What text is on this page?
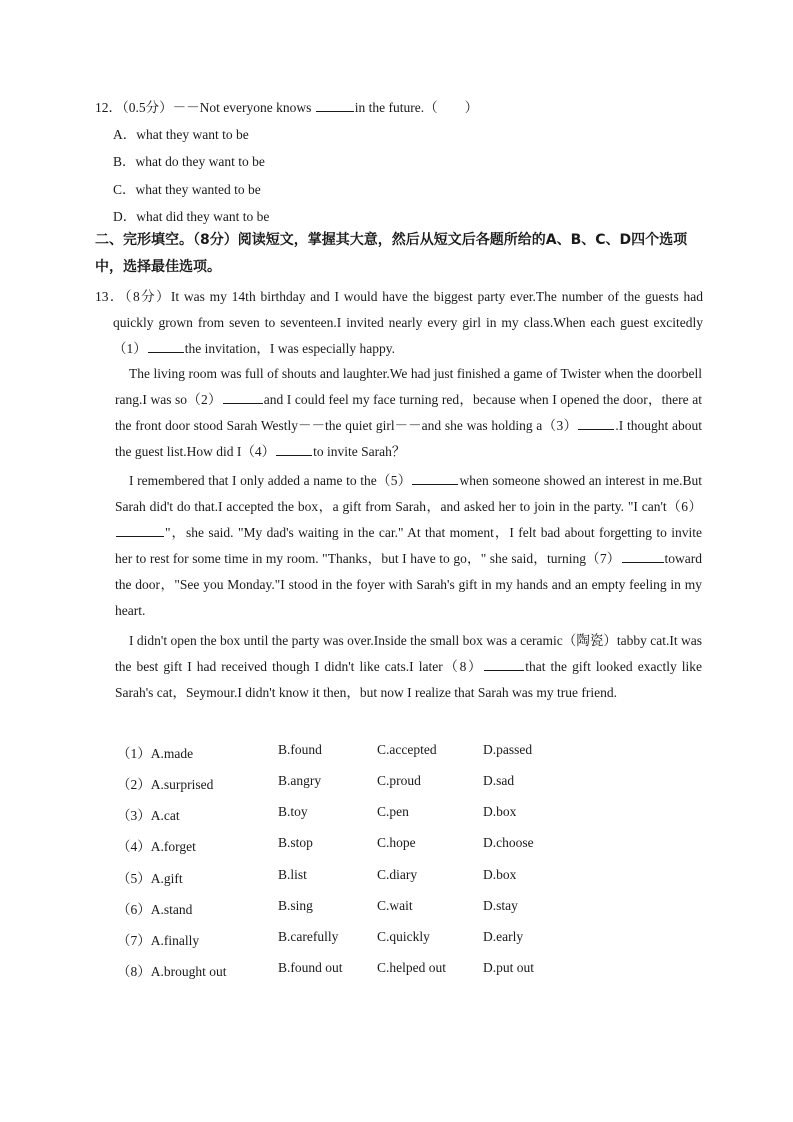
12．（0.5分）－－Not everyone knows	in the future.（　　）
A．what they want to be
B．what do they want to be
C．what they wanted to be
D．what did they want to be
二、完形填空。（8分）阅读短文，掌握其大意，然后从短文后各题所给的A、B、C、D四个选项中，选择最佳选项。
13．（8分）It was my 14th birthday and I would have the biggest party ever.The number of the guests had quickly grown from seven to seventeen.I invited nearly every girl in my class.When each guest excitedly（1）	the invitation，I was especially happy.
The living room was full of shouts and laughter.We had just finished a game of Twister when the doorbell rang.I was so（2）	and I could feel my face turning red，because when I opened the door，there at the front door stood Sarah Westly－－the quiet girl－－and she was holding a（3）	.I thought about the guest list.How did I（4）	to invite Sarah？
I remembered that I only added a name to the（5）	when someone showed an interest in me.But Sarah did't do that.I accepted the box，a gift from Sarah，and asked her to join in the party. "I can't（6）"，she said. "My dad's waiting in the car." At that moment，I felt bad about forgetting to invite her to rest for some time in my room. "Thanks，but I have to go，" she said，turning（7）	toward the door，"See you Monday."I stood in the foyer with Sarah's gift in my hands and an empty feeling in my heart.
I didn't open the box until the party was over.Inside the small box was a ceramic（陶瓷）tabby cat.It was the best gift I had received though I didn't like cats.I later（8）	that the gift looked exactly like Sarah's cat，Seymour.I didn't know it then，but now I realize that Sarah was my true friend.
（1）A.made	B.found	C.accepted	D.passed
（2）A.surprised	B.angry	C.proud	D.sad
（3）A.cat	B.toy	C.pen	D.box
（4）A.forget	B.stop	C.hope	D.choose
（5）A.gift	B.list	C.diary	D.box
（6）A.stand	B.sing	C.wait	D.stay
（7）A.finally	B.carefully	C.quickly	D.early
（8）A.brought out	B.found out	C.helped out	D.put out
